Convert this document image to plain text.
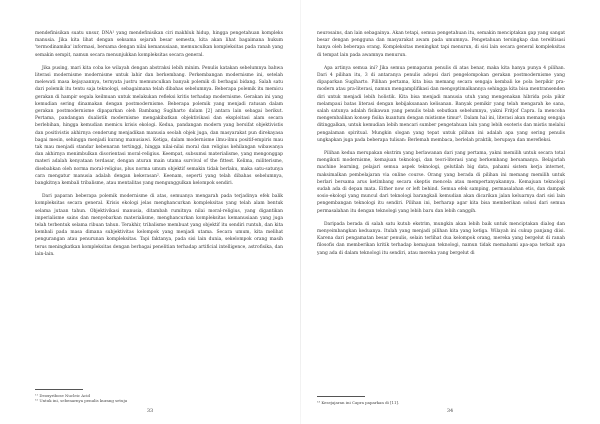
mendefinisikan suatu unsur, DNA¹ yang mendefinisikan ciri makhluk hidup, hingga pengetahuan kompleks manusia. Jika kita lihat dengan seksama sejarah besar semesta, kita akan lihat bagaimana hukum 'termodinamika' informasi, bersama dengan nilai kemanusiaan, memunculkan kompleksitas pada ranah yang semakin sempit, namun secara menunjukkan kompleksitas secara general.

Jika pusing, mari kita coba ke wilayah dengan abstraksi lebih minim. Penulis katakan sebelumnya bahwa literasi modernisme modernisme untuk lahir dan berkembang. Perkembangan modernisme ini, setelah melewati masa kejayaannya, ternyata justru memunculkan banyak polemik di berbagai bidang. Salah satu dari polemik itu tentu saja teknologi, sebagaimana telah dibahas sebelumnya. Beberapa polemik itu memicu gerakan di hampir segala keilmuan untuk melakukan refleksi kritis terhadap modernisme. Gerakan ini yang kemudian sering dinamakan dengan postmodernisme. Beberapa polemik yang menjadi ratusan dalam gerakan postmodernisme dipaparkan oleh Bambang Sugiharto dalam [2] antara lain sebagai berikut. Pertama, pandangan dualistik modernisme mengakibatkan objektivikasi dan eksploitasi alam secara berlebihan, hingga kemudian memicu krisis ekologi. Kedua, pandangan modern yang bersifat objektivistis dan positivistis akhirnya cenderung menjadikan manusia seolah objek juga, dan masyarakat pun direkayasa bagai mesin, sehingga menjadi kurang manusiawi. Ketiga, dalam modernisme ilmu-ilmu positif-empiris mau tak mau menjadi standar kebenaran tertinggi, hingga nilai-nilai moral dan religius kehilangan wibawanya dan akhirnya menimbulkan disorientasi moral-religius. Keempat, subsumsi materialisme, yang mengonggap materi adalah kenyataan terdasar, dengan aturan main utama survival of the fittest. Kelima, militerisme, disebabkan oleh norma moral-religius, plus norma umum objektif semakin tidak berlaku, maka satu-satunya cara mengatur manusia adalah dengan kekerasan². Keenam, seperti yang telah dibahas sebelumnya, bangkitnya kembali tribalisme, atau mentalitas yang mengunggulkan kelompok sendiri.

Dari paparan beberapa polemik modernisme di atas, semuanya mengarah pada terjadinya efek balik kompleksitas secara general. Krisis ekologi jelas menghancurkan kompleksitas yang telah alam bentuk selama jutaan tahun. Objektivikasi manusia, ditambah rumitnya nilai moral-religius, yang digantikan imperialisme sains dan menyebarkan materialisme, menghancurkan kompleksitas kemanusiaan yang juga telah terbentuk selama ribuan tahun. Terakhir, tribalisme membuat yang objektif itu sendiri runtuh, dan kita kembali pada masa dimana subjektivitas kelompok yang menjadi utama. Secara umum, kita melihat pengurangan atau penurunan kompleksitas. Tapi faktanya, pada sisi lain dunia, sekelompok orang masih terus meningkatkan kompleksitas dengan berbagai penelitian terhadap artificial intelligence, astrofisika, dan lain-lain.

¹¹ Deoxyribose Nucleic Acid

¹² Untuk ini, sebenarnya penulis kurang setuju

33

neurosains, dan lain sebagainya. Akan tetapi, semua pengetahuan itu, semakin menciptakan gap yang sangat besar dengan pengguna dan masyarakat awam pada umumnya. Pengetahuan tersingkap dan terelitisasi hanya oleh beberapa orang. Kompleksitas meningkat tapi menurun, di sisi lain secara general kompleksitas di tempat lain pada awamnya menurun.

Apa artinya semua ini? Jika semua pemaparan penulis di atas benar, maka kita hanya punya 4 pilihan. Dari 4 pilihan itu, 3 di antaranya penulis adopsi dari pengelompokan gerakan postmodernisme yang dipaparkan Sugiharto. Pilihan pertama, kita bisa memang secara sengaja kembali ke pola berpikir pra-modern atau pra-literasi, namun mengamplifikasi dan mengoptimalkannya sehingga kita bisa mentransenden diri untuk menjadi lebih holistik. Kita bisa menjadi manusia utuh yang mengenakan hibrida pola pikir melampaui batas literasi dengan kebijaksanaan kelisanan. Banyak pemikir yang telah mengarah ke sana, salah satunya adalah fisikawan yang penulis telah sebutkan sebelumnya, yakni Fritjof Capra. Ia mencoba mengembalikan konsep fisika kuantum dengan mistisme timur³. Dalam hal ini, literasi akan memang sengaja ditinggalkan, untuk kemudian lebih mencari sumber pengetahuan lain yang lebih esoteris dan mistis melalui pengalaman spiritual. Mungkin slogan yang tepat untuk pilihan ini adalah apa yang sering penulis ungkapkan juga pada beberapa tulisan: Berlemah membaca, berlelah praktik, berupaya dan merefleksi.

Pilihan kedua merupakan ekstrim yang berlawanan dari yang pertama, yakni memilih untuk secara total mengikuti modernisme, kemajuan teknologi, dan teori-literasi yang berkembang bersamanya. Belajarlah machine learning, pelajari semua aspek teknologi, gelutilah big data, pahami sistem kerja internet, maksimalkan pembelajaran via online course. Orang yang berada di pilihan ini memang memilih untuk berlari bersama arus ketimbang secara skeptis mencela atau mempertanyakannya. Kemajuan teknologi sudah ada di depan mata. Either now or left behind. Semua efek samping, permasalahan etis, dan dampak sosio-ekologi yang muncul dari teknologi barangkali kemudian akan dicarikan jalan keluarnya dari sisi lain pengembangan teknologi itu sendiri. Pilihan ini, berharap agar kita bisa memberikan solusi dari semua permasalahan itu dengan teknologi yang lebih baru dan lebih canggih.

Daripada berada di salah satu kutub ekstrim, mungkin akan lebih baik untuk menciptakan dialog dan menyeimbangkan keduanya. Itulah yang menjadi pilihan kita yang ketiga. Wilayah ini cukup panjang diisi. Karena dari pengamatan besar penulis, selain terlihat dua kelompok orang, mereka yang bergelut di ranah filosofis dan memberikan kritik terhadap kemajuan teknologi, namun tidak memahami apa-apa terkait apa yang ada di dalam teknologi itu sendiri, atau mereka yang bergelut di

¹³ Kesejajaran ini Capra paparkan di [11].

34
